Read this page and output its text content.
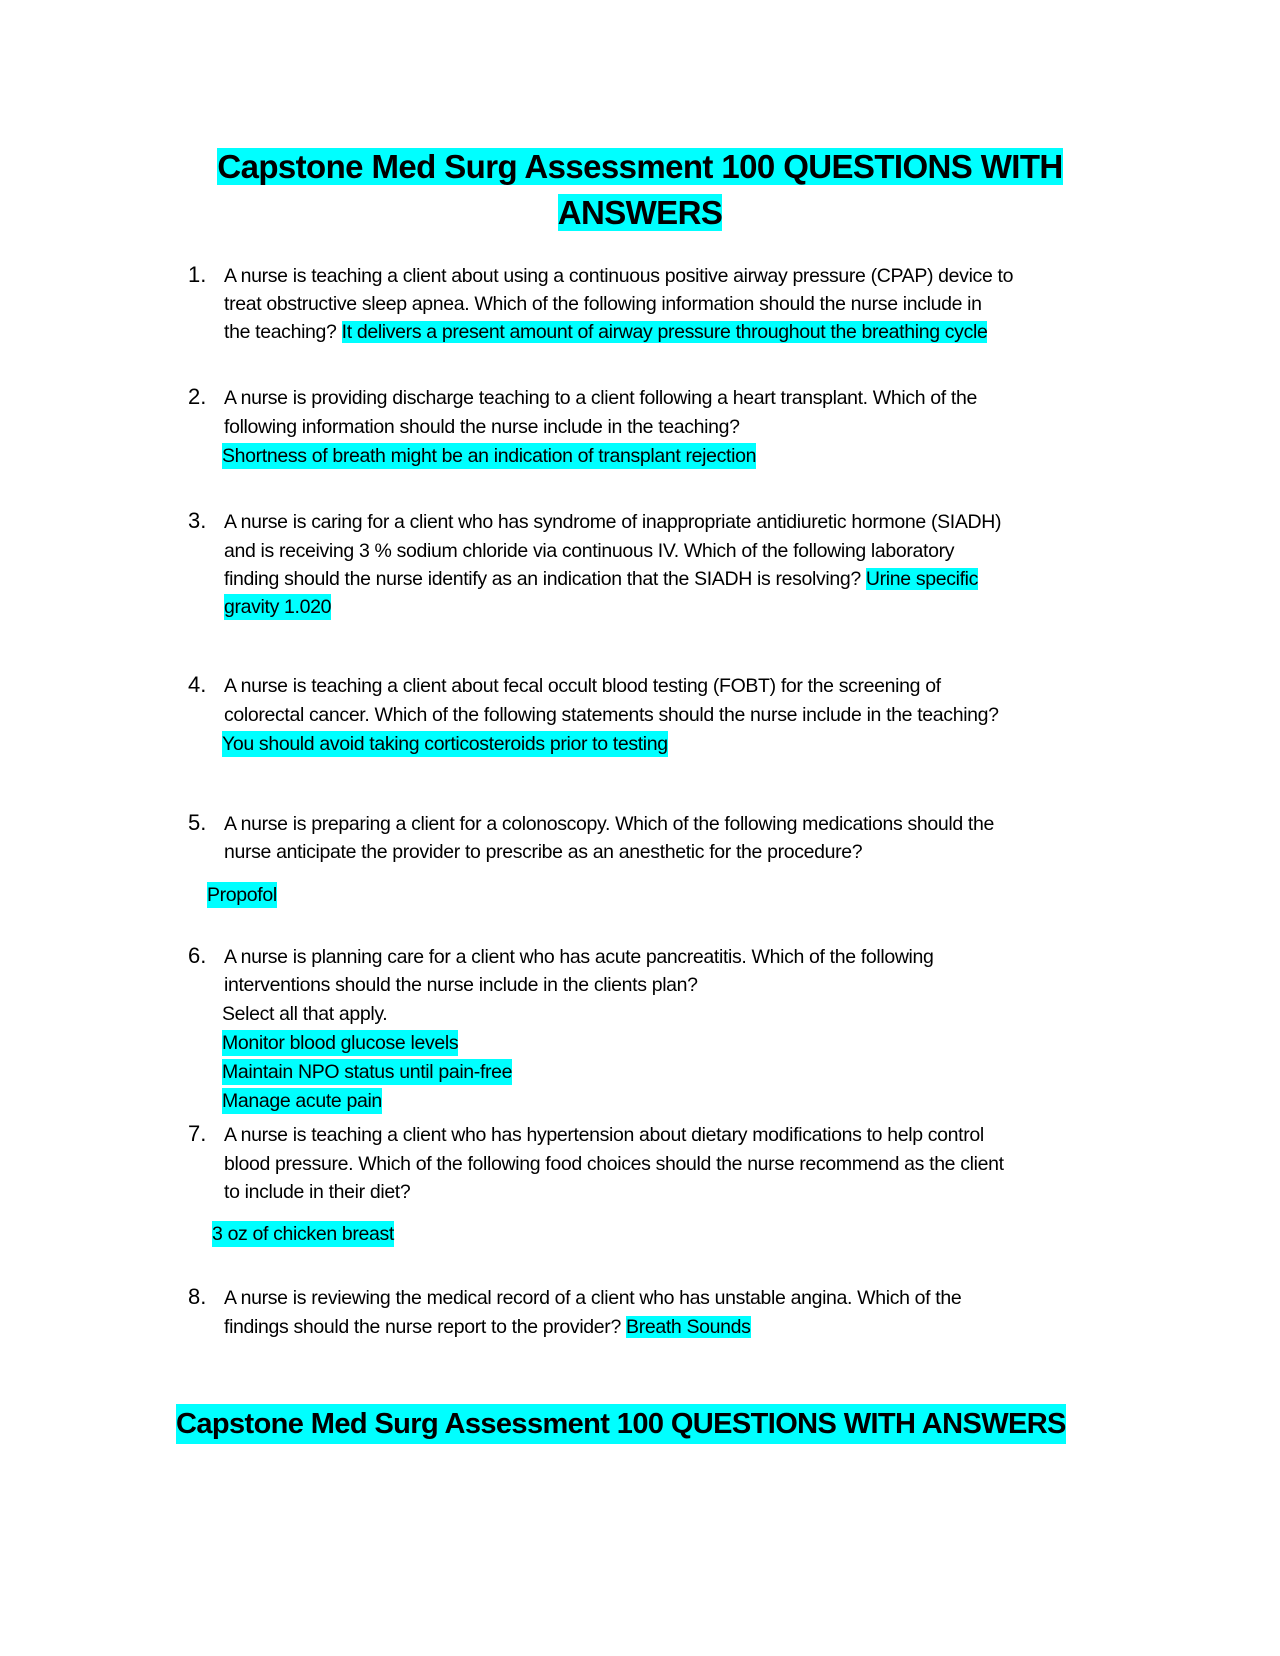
Capstone Med Surg Assessment 100 QUESTIONS WITH
ANSWERS
1. A nurse is teaching a client about using a continuous positive airway pressure (CPAP) device to
treat obstructive sleep apnea. Which of the following information should the nurse include in
the teaching? It delivers a present amount of airway pressure throughout the breathing cycle
2. A nurse is providing discharge teaching to a client following a heart transplant. Which of the
following information should the nurse include in the teaching?
Shortness of breath might be an indication of transplant rejection
3. A nurse is caring for a client who has syndrome of inappropriate antidiuretic hormone (SIADH)
and is receiving 3 % sodium chloride via continuous IV. Which of the following laboratory
finding should the nurse identify as an indication that the SIADH is resolving? Urine specific
gravity 1.020
4. A nurse is teaching a client about fecal occult blood testing (FOBT) for the screening of
colorectal cancer. Which of the following statements should the nurse include in the teaching?
You should avoid taking corticosteroids prior to testing
5. A nurse is preparing a client for a colonoscopy. Which of the following medications should the
nurse anticipate the provider to prescribe as an anesthetic for the procedure?
Propofol
6. A nurse is planning care for a client who has acute pancreatitis. Which of the following
interventions should the nurse include in the clients plan?
Select all that apply.
Monitor blood glucose levels
Maintain NPO status until pain-free
Manage acute pain
7. A nurse is teaching a client who has hypertension about dietary modifications to help control
blood pressure. Which of the following food choices should the nurse recommend as the client
to include in their diet?
3 oz of chicken breast
8. A nurse is reviewing the medical record of a client who has unstable angina. Which of the
findings should the nurse report to the provider? Breath Sounds
Capstone Med Surg Assessment 100 QUESTIONS WITH ANSWERS
